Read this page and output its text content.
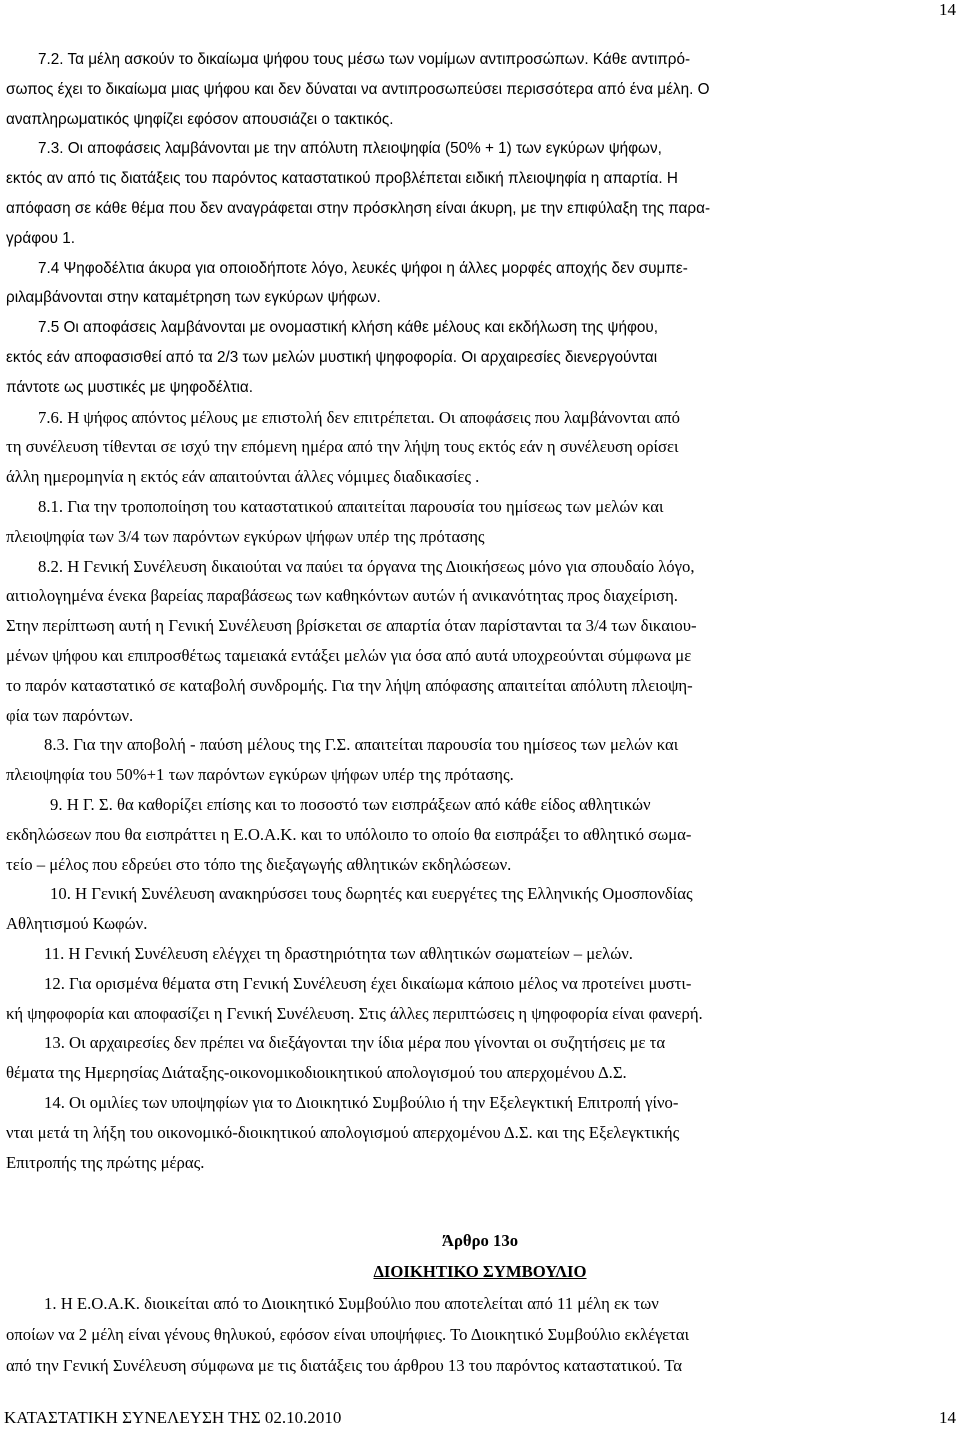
14
7.2. Τα μέλη ασκούν το δικαίωμα ψήφου τους μέσω των νομίμων αντιπροσώπων. Κάθε αντιπρό-
σωπος έχει το δικαίωμα μιας ψήφου και δεν δύναται να αντιπροσωπεύσει περισσότερα από ένα μέλη. Ο
αναπληρωματικός ψηφίζει εφόσον απουσιάζει ο τακτικός.
7.3. Οι αποφάσεις λαμβάνονται με την απόλυτη πλειοψηφία (50% + 1) των εγκύρων ψήφων,
εκτός αν από τις διατάξεις του παρόντος καταστατικού προβλέπεται ειδική πλειοψηφία η απαρτία. Η
απόφαση σε κάθε θέμα που δεν αναγράφεται στην πρόσκληση είναι άκυρη, με την επιφύλαξη της παρα-
γράφου 1.
7.4 Ψηφοδέλτια άκυρα για οποιοδήποτε λόγο, λευκές ψήφοι η άλλες μορφές αποχής δεν συμπε-
ριλαμβάνονται στην καταμέτρηση των εγκύρων ψήφων.
7.5 Οι αποφάσεις λαμβάνονται με ονομαστική κλήση κάθε μέλους και εκδήλωση της ψήφου,
εκτός εάν αποφασισθεί από τα 2/3 των μελών μυστική ψηφοφορία. Οι αρχαιρεσίες διενεργούνται
πάντοτε ως μυστικές με ψηφοδέλτια.
7.6. Η ψήφος απόντος μέλους με επιστολή δεν επιτρέπεται. Οι αποφάσεις που λαμβάνονται από
τη συνέλευση τίθενται σε ισχύ την επόμενη ημέρα από την λήψη τους εκτός εάν η συνέλευση ορίσει
άλλη ημερομηνία η εκτός εάν απαιτούνται άλλες νόμιμες διαδικασίες .
8.1. Για την τροποποίηση του καταστατικού απαιτείται παρουσία του ημίσεως των μελών και
πλειοψηφία των 3/4 των παρόντων εγκύρων ψήφων υπέρ της πρότασης
8.2. Η Γενική Συνέλευση δικαιούται να παύει τα όργανα της Διοικήσεως μόνο για σπουδαίο λόγο,
αιτιολογημένα ένεκα βαρείας παραβάσεως των καθηκόντων αυτών ή ανικανότητας προς διαχείριση.
Στην περίπτωση αυτή η Γενική Συνέλευση βρίσκεται σε απαρτία όταν παρίστανται τα 3/4 των δικαιου-
μένων ψήφου και επιπροσθέτως ταμειακά εντάξει μελών για όσα από αυτά υποχρεούνται σύμφωνα με
το παρόν καταστατικό σε καταβολή συνδρομής. Για την λήψη απόφασης απαιτείται απόλυτη πλειοψη-
φία των παρόντων.
8.3. Για την αποβολή - παύση μέλους της Γ.Σ. απαιτείται παρουσία του ημίσεος των μελών και
πλειοψηφία του 50%+1 των παρόντων εγκύρων ψήφων υπέρ της πρότασης.
9. Η Γ. Σ. θα καθορίζει επίσης και το ποσοστό των εισπράξεων από κάθε είδος αθλητικών
εκδηλώσεων που θα εισπράττει η Ε.Ο.Α.Κ. και το υπόλοιπο το οποίο θα εισπράξει το αθλητικό σωμα-
τείο – μέλος που εδρεύει στο τόπο της διεξαγωγής αθλητικών εκδηλώσεων.
10. Η Γενική Συνέλευση ανακηρύσσει τους δωρητές και ευεργέτες της Ελληνικής Ομοσπονδίας
Αθλητισμού Κωφών.
11. Η Γενική Συνέλευση ελέγχει τη δραστηριότητα των αθλητικών σωματείων – μελών.
12. Για ορισμένα θέματα στη Γενική Συνέλευση έχει δικαίωμα κάποιο μέλος να προτείνει μυστι-
κή ψηφοφορία και αποφασίζει η Γενική Συνέλευση. Στις άλλες περιπτώσεις η ψηφοφορία είναι φανερή.
13. Οι αρχαιρεσίες δεν πρέπει να διεξάγονται την ίδια μέρα που γίνονται οι συζητήσεις με τα
θέματα της Ημερησίας Διάταξης-οικονομικοδιοικητικού απολογισμού του απερχομένου Δ.Σ.
14. Οι ομιλίες των υποψηφίων για το Διοικητικό Συμβούλιο ή την Εξελεγκτική Επιτροπή γίνο-
νται μετά τη λήξη του οικονομικό-διοικητικού απολογισμού απερχομένου Δ.Σ. και της Εξελεγκτικής
Επιτροπής της πρώτης μέρας.
Άρθρο 13ο
ΔΙΟΙΚΗΤΙΚΟ ΣΥΜΒΟΥΛΙΟ
1. Η Ε.Ο.Α.Κ. διοικείται από το Διοικητικό Συμβούλιο που αποτελείται από 11 μέλη εκ των
οποίων να 2 μέλη είναι γένους θηλυκού, εφόσον είναι υποψήφιες. Το Διοικητικό Συμβούλιο εκλέγεται
από την Γενική Συνέλευση σύμφωνα με τις διατάξεις του άρθρου 13 του παρόντος καταστατικού. Τα
ΚΑΤΑΣΤΑΤΙΚΗ ΣΥΝΕΛΕΥΣΗ ΤΗΣ 02.10.2010	14
